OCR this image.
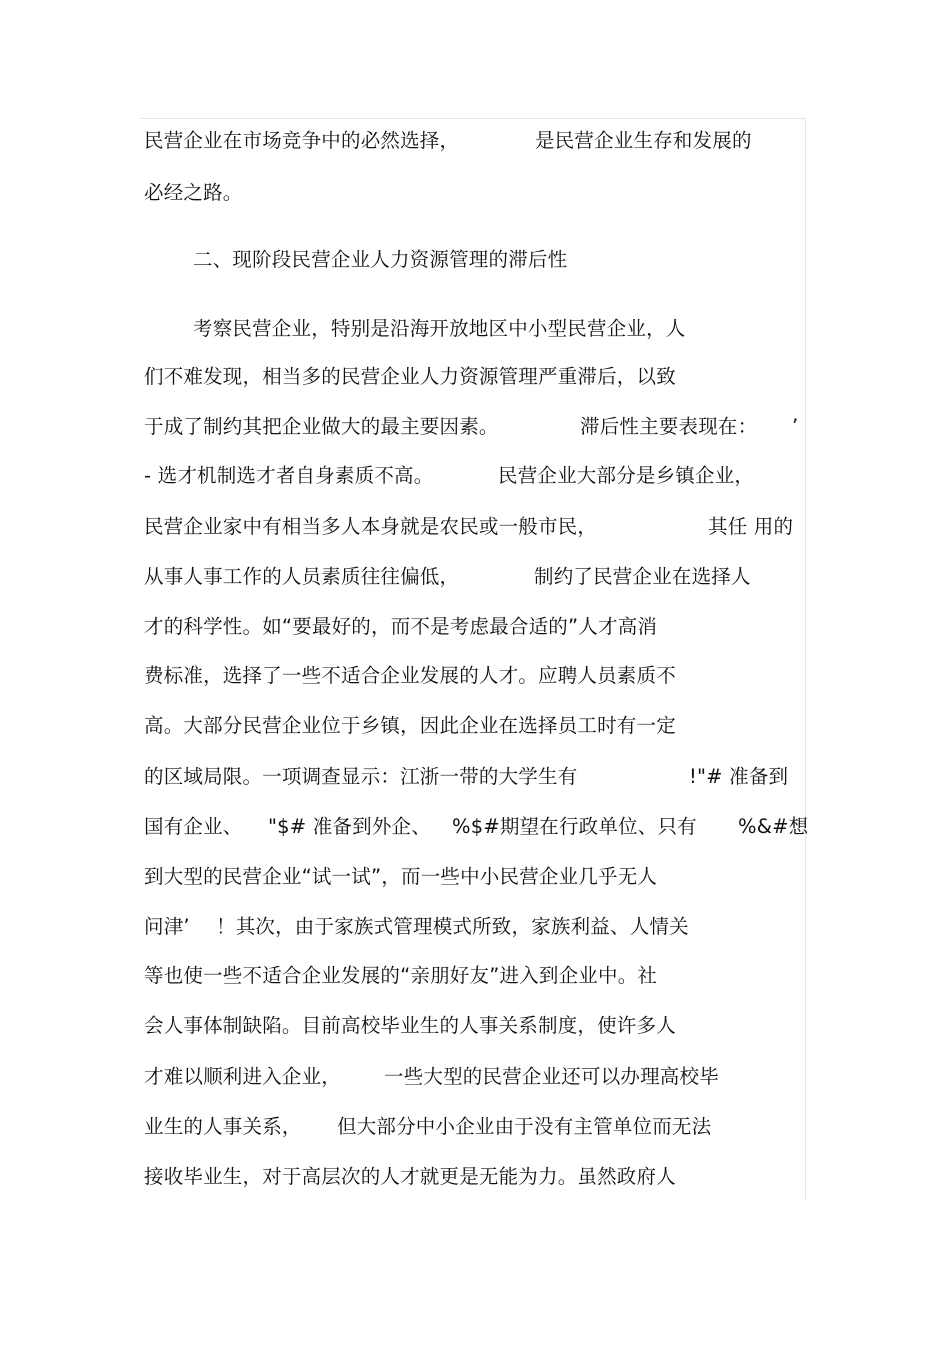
民营企业在市场竞争中的必然选择，	是民营企业生存和发展的
必经之路。
二、现阶段民营企业人力资源管理的滞后性
考察民营企业，特别是沿海开放地区中小型民营企业，人
们不难发现，相当多的民营企业人力资源管理严重滞后，以致
于成了制约其把企业做大的最主要因素。	滞后性主要表现在： ’
- 选才机制选才者自身素质不高。	民营企业大部分是乡镇企业，
民营企业家中有相当多人本身就是农民或一般市民，	其任 用的
从事人事工作的人员素质往往偏低，	制约了民营企业在选择人
才的科学性。如“要最好的，而不是考虑最合适的”人才高消
费标准，选择了一些不适合企业发展的人才。应聘人员素质不
高。大部分民营企业位于乡镇，因此企业在选择员工时有一定
的区域局限。一项调查显示：江浙一带的大学生有	!"# 准备到
国有企业、 "$# 准备到外企、 %$#期望在行政单位、只有 %&#想
到大型的民营企业“试一试”，而一些中小民营企业几乎无人
问津’ ！其次，由于家族式管理模式所致，家族利益、人情关
等也使一些不适合企业发展的“亲朋好友”进入到企业中。社
会人事体制缺陷。目前高校毕业生的人事关系制度，使许多人
才难以顺利进入企业， 一些大型的民营企业还可以办理高校毕
业生的人事关系， 但大部分中小企业由于没有主管单位而无法
接收毕业生，对于高层次的人才就更是无能为力。虽然政府人
